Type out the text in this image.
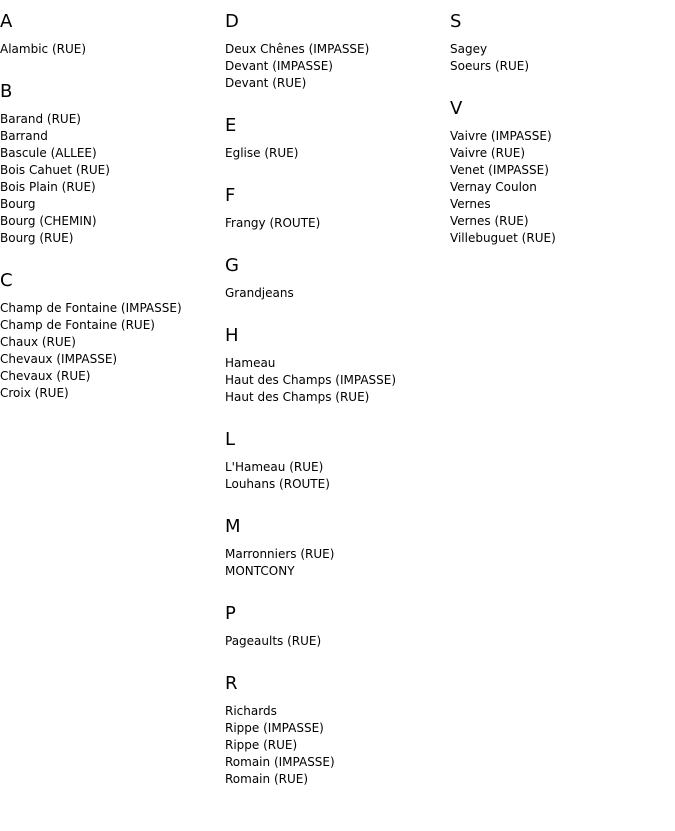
A
Alambic (RUE)
B
Barand (RUE)
Barrand
Bascule (ALLEE)
Bois Cahuet (RUE)
Bois Plain (RUE)
Bourg
Bourg (CHEMIN)
Bourg (RUE)
C
Champ de Fontaine (IMPASSE)
Champ de Fontaine (RUE)
Chaux (RUE)
Chevaux (IMPASSE)
Chevaux (RUE)
Croix (RUE)
D
Deux Chênes (IMPASSE)
Devant (IMPASSE)
Devant (RUE)
E
Eglise (RUE)
F
Frangy (ROUTE)
G
Grandjeans
H
Hameau
Haut des Champs (IMPASSE)
Haut des Champs (RUE)
L
L'Hameau (RUE)
Louhans (ROUTE)
M
Marronniers (RUE)
MONTCONY
P
Pageaults (RUE)
R
Richards
Rippe (IMPASSE)
Rippe (RUE)
Romain (IMPASSE)
Romain (RUE)
S
Sagey
Soeurs (RUE)
V
Vaivre (IMPASSE)
Vaivre (RUE)
Venet (IMPASSE)
Vernay Coulon
Vernes
Vernes (RUE)
Villebuguet (RUE)
